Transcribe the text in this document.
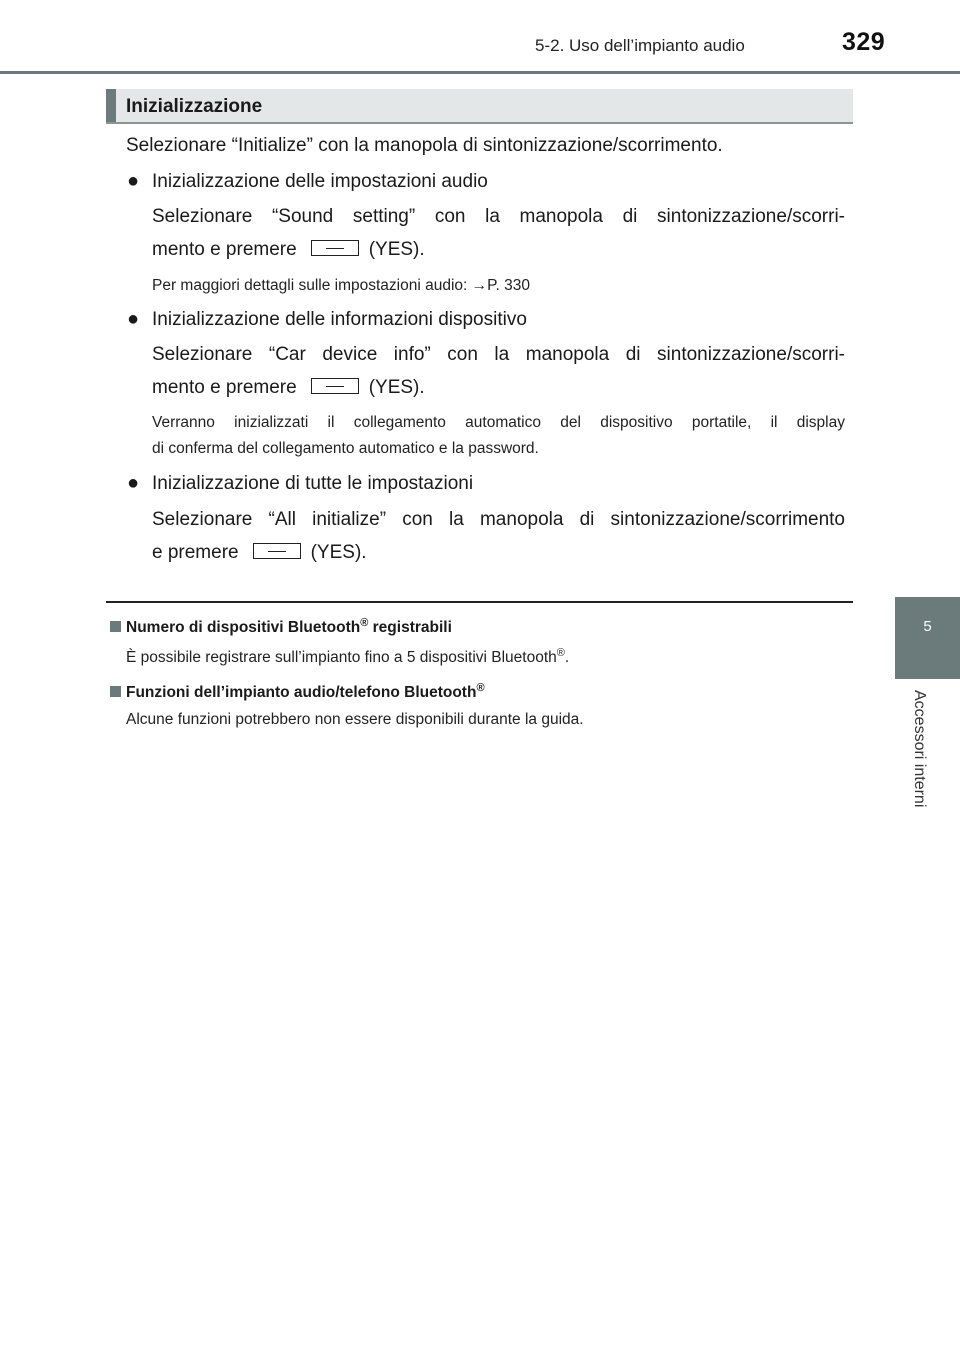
5-2. Uso dell’impianto audio	329
5
Accessori interni
Inizializzazione
Selezionare “Initialize” con la manopola di sintonizzazione/scorrimento.
● Inizializzazione delle impostazioni audio
Selezionare “Sound setting” con la manopola di sintonizzazione/scorri-
mento e premere	(YES).
Per maggiori dettagli sulle impostazioni audio: →P. 330
● Inizializzazione delle informazioni dispositivo
Selezionare “Car device info” con la manopola di sintonizzazione/scorri-
mento e premere	(YES).
Verranno inizializzati il collegamento automatico del dispositivo portatile, il display
di conferma del collegamento automatico e la password.
● Inizializzazione di tutte le impostazioni
Selezionare “All initialize” con la manopola di sintonizzazione/scorrimento
e premere	(YES).
Numero di dispositivi Bluetooth® registrabili
È possibile registrare sull’impianto fino a 5 dispositivi Bluetooth®.
Funzioni dell’impianto audio/telefono Bluetooth®
Alcune funzioni potrebbero non essere disponibili durante la guida.
